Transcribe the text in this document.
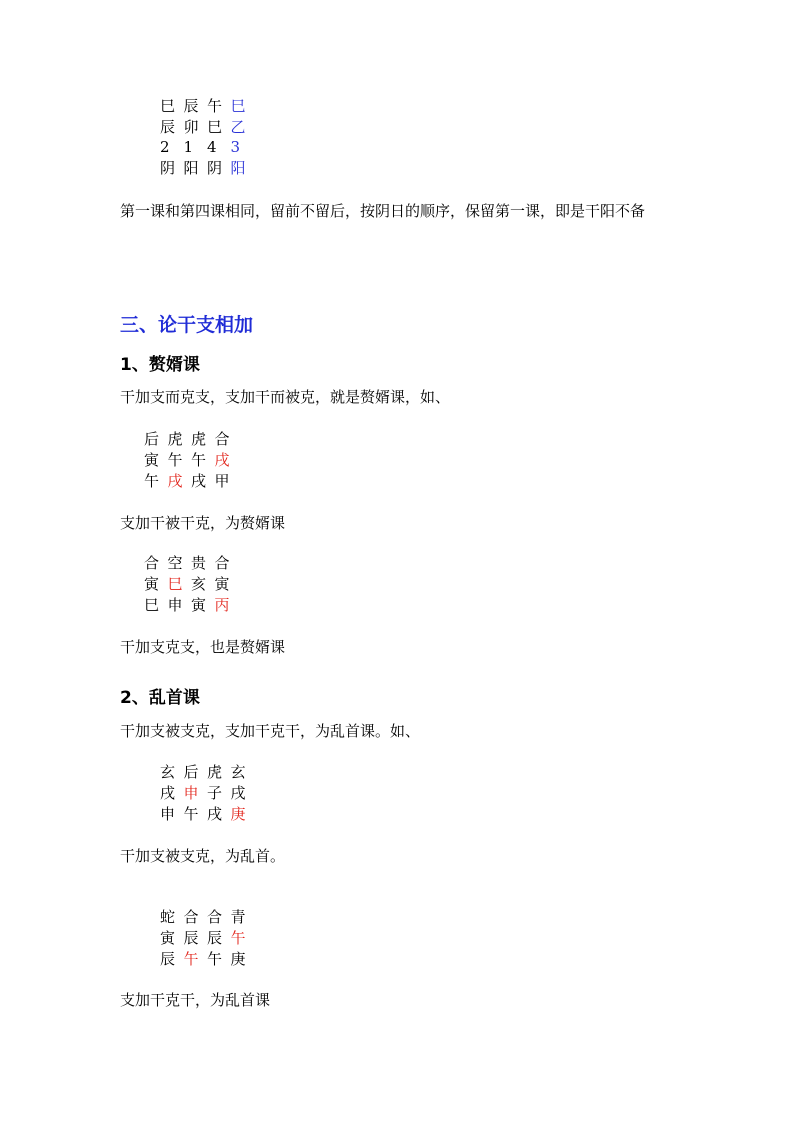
巳 辰 午 巳
辰 卯 巳 乙
2 1 4 3
阴 阳 阴 阳
第一课和第四课相同，留前不留后，按阴日的顺序，保留第一课，即是干阳不备
三、论干支相加
1、赘婿课
干加支而克支，支加干而被克，就是赘婿课，如、
后 虎 虎 合
寅 午 午 戌
午 戌 戌 甲
支加干被干克，为赘婿课
合 空 贵 合
寅 巳 亥 寅
巳 申 寅 丙
干加支克支，也是赘婿课
2、乱首课
干加支被支克，支加干克干，为乱首课。如、
玄 后 虎 玄
戌 申 子 戌
申 午 戌 庚
干加支被支克，为乱首。
蛇 合 合 青
寅 辰 辰 午
辰 午 午 庚
支加干克干，为乱首课
